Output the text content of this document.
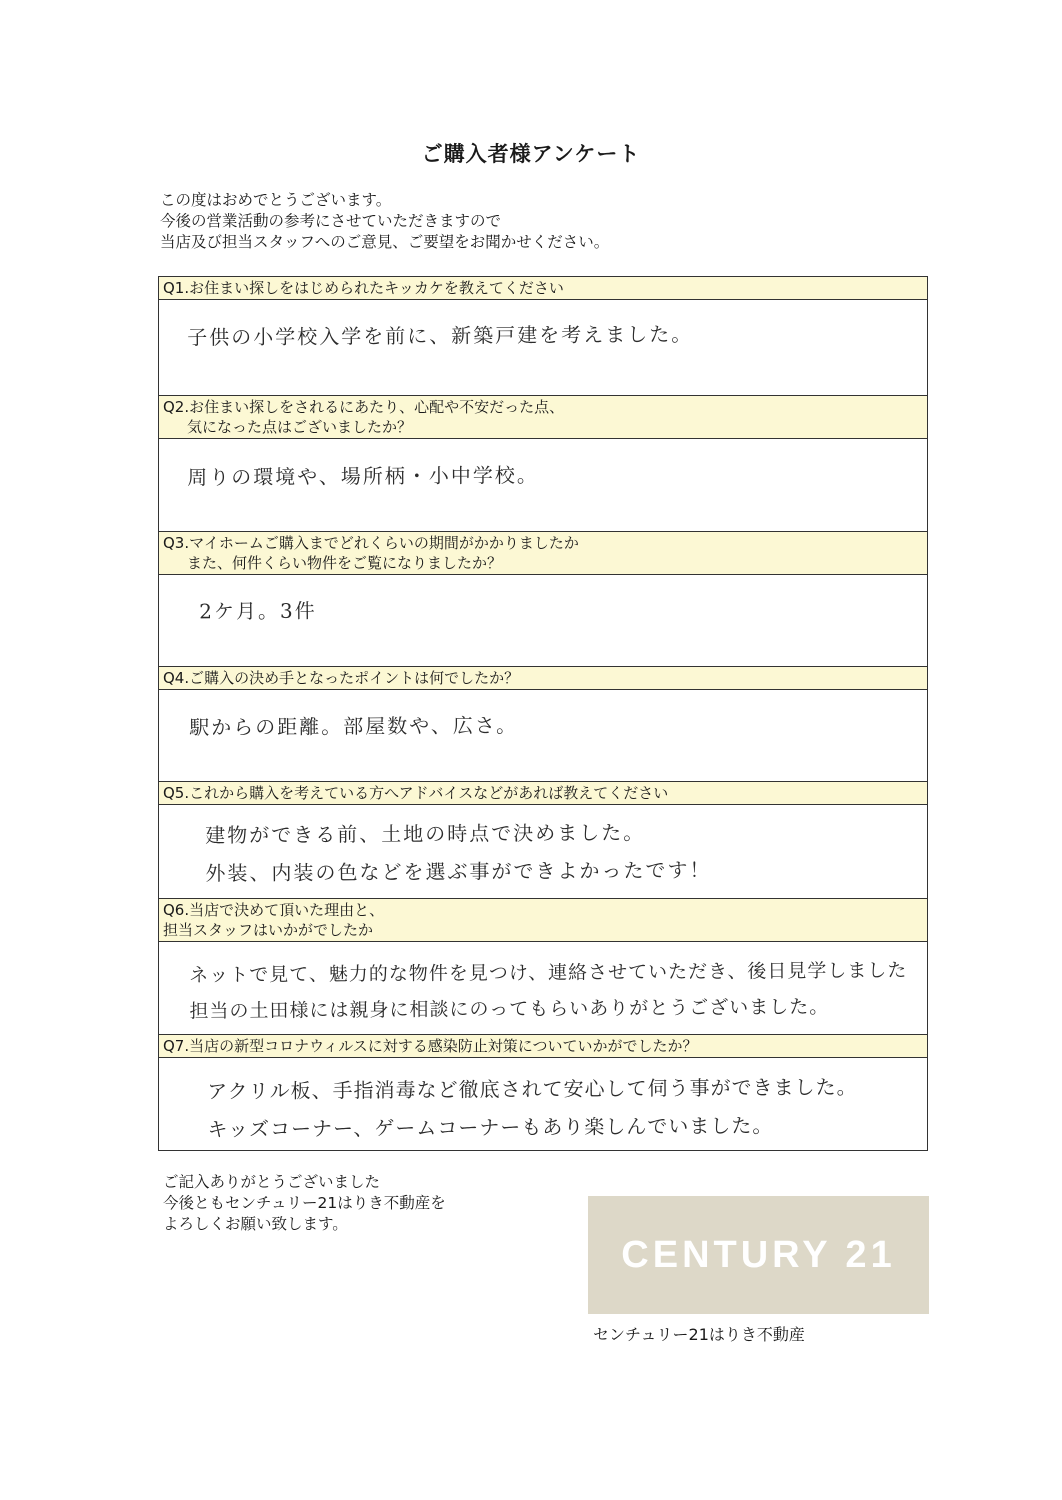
ご購入者様アンケート
この度はおめでとうございます。
今後の営業活動の参考にさせていただきますので
当店及び担当スタッフへのご意見、ご要望をお聞かせください。
Q1.お住まい探しをはじめられたキッカケを教えてください
子供の小学校入学を前に、新築戸建を考えました。
Q2.お住まい探しをされるにあたり、心配や不安だった点、
気になった点はございましたか？
周りの環境や、場所柄・小中学校。
Q3.マイホームご購入までどれくらいの期間がかかりましたか
また、何件くらい物件をご覧になりましたか？
2ケ月。3件
Q4.ご購入の決め手となったポイントは何でしたか？
駅からの距離。部屋数や、広さ。
Q5.これから購入を考えている方へアドバイスなどがあれば教えてください
建物ができる前、土地の時点で決めました。
外装、内装の色などを選ぶ事ができよかったです！
Q6.当店で決めて頂いた理由と、
担当スタッフはいかがでしたか
ネットで見て、魅力的な物件を見つけ、連絡させていただき、後日見学しました
担当の土田様には親身に相談にのってもらいありがとうございました。
Q7.当店の新型コロナウィルスに対する感染防止対策についていかがでしたか？
アクリル板、手指消毒など徹底されて安心して伺う事ができました。
キッズコーナー、ゲームコーナーもあり楽しんでいました。
ご記入ありがとうございました
今後ともセンチュリー21はりき不動産を
よろしくお願い致します。
CENTURY 21
センチュリー21はりき不動産
